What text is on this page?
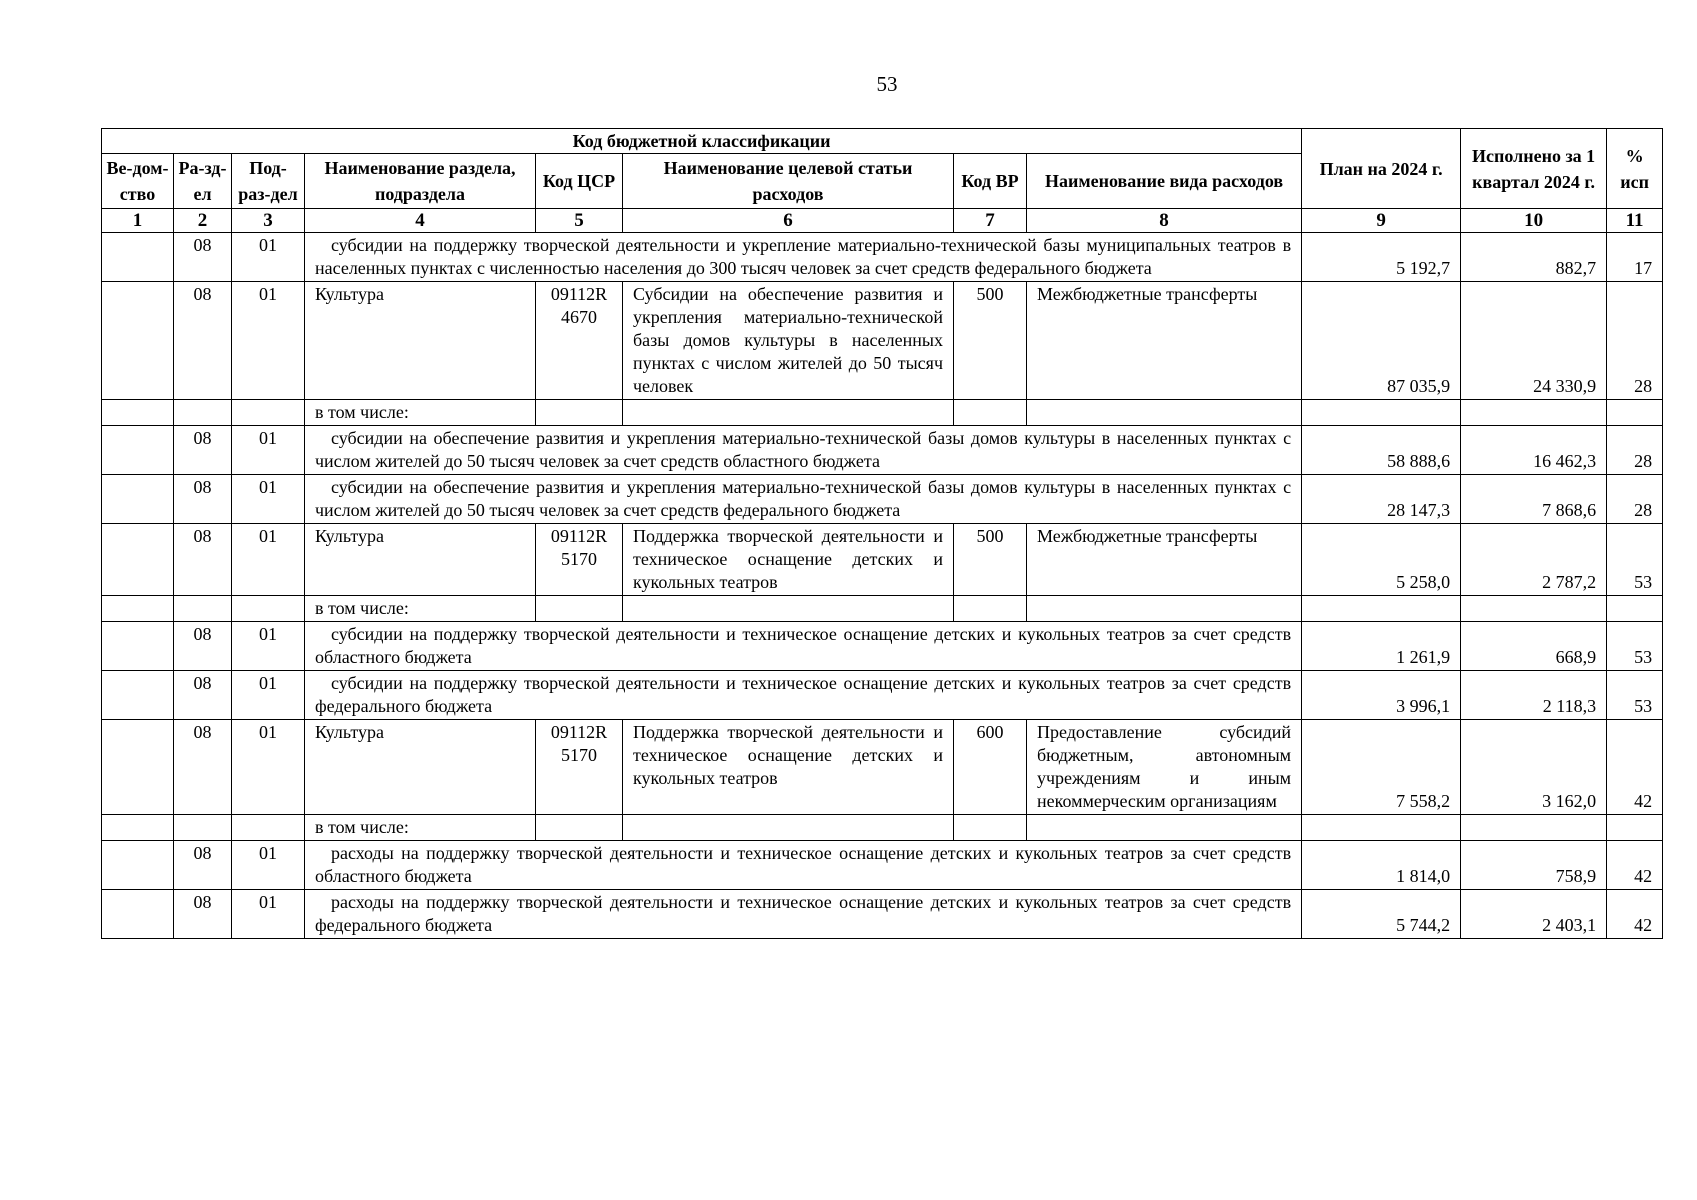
53
Код бюджетной классификации								План на 2024 г.	Исполнено за 1 квартал 2024 г.	% исп
Ве-дом-ство	Ра-зд-ел	Под-раз-дел	Наименование раздела, подраздела	Код ЦСР	Наименование целевой статьи расходов	Код ВР	Наименование вида расходов			
1	2	3	4	5	6	7	8	9	10	11
	08	01	субсидии на поддержку творческой деятельности и укрепление материально-технической базы муниципальных театров в населенных пунктах с численностью населения до 300 тысяч человек за счет средств федерального бюджета					5 192,7	882,7	17
	08	01	Культура	09112R 4670	Субсидии на обеспечение развития и укрепления материально-технической базы домов культуры в населенных пунктах с числом жителей до 50 тысяч человек	500	Межбюджетные трансферты	87 035,9	24 330,9	28
			в том числе:							
	08	01	субсидии на обеспечение развития и укрепления материально-технической базы домов культуры в населенных пунктах с числом жителей до 50 тысяч человек за счет средств областного бюджета					58 888,6	16 462,3	28
	08	01	субсидии на обеспечение развития и укрепления материально-технической базы домов культуры в населенных пунктах с числом жителей до 50 тысяч человек за счет средств федерального бюджета					28 147,3	7 868,6	28
	08	01	Культура	09112R 5170	Поддержка творческой деятельности и техническое оснащение детских и кукольных театров	500	Межбюджетные трансферты	5 258,0	2 787,2	53
			в том числе:							
	08	01	субсидии на поддержку творческой деятельности и техническое оснащение детских и кукольных театров за счет средств областного бюджета					1 261,9	668,9	53
	08	01	субсидии на поддержку творческой деятельности и техническое оснащение детских и кукольных театров за счет средств федерального бюджета					3 996,1	2 118,3	53
	08	01	Культура	09112R 5170	Поддержка творческой деятельности и техническое оснащение детских и кукольных театров	600	Предоставление субсидий бюджетным, автономным учреждениям и иным некоммерческим организациям	7 558,2	3 162,0	42
			в том числе:							
	08	01	расходы на поддержку творческой деятельности и техническое оснащение детских и кукольных театров за счет средств областного бюджета					1 814,0	758,9	42
	08	01	расходы на поддержку творческой деятельности и техническое оснащение детских и кукольных театров за счет средств федерального бюджета					5 744,2	2 403,1	42
